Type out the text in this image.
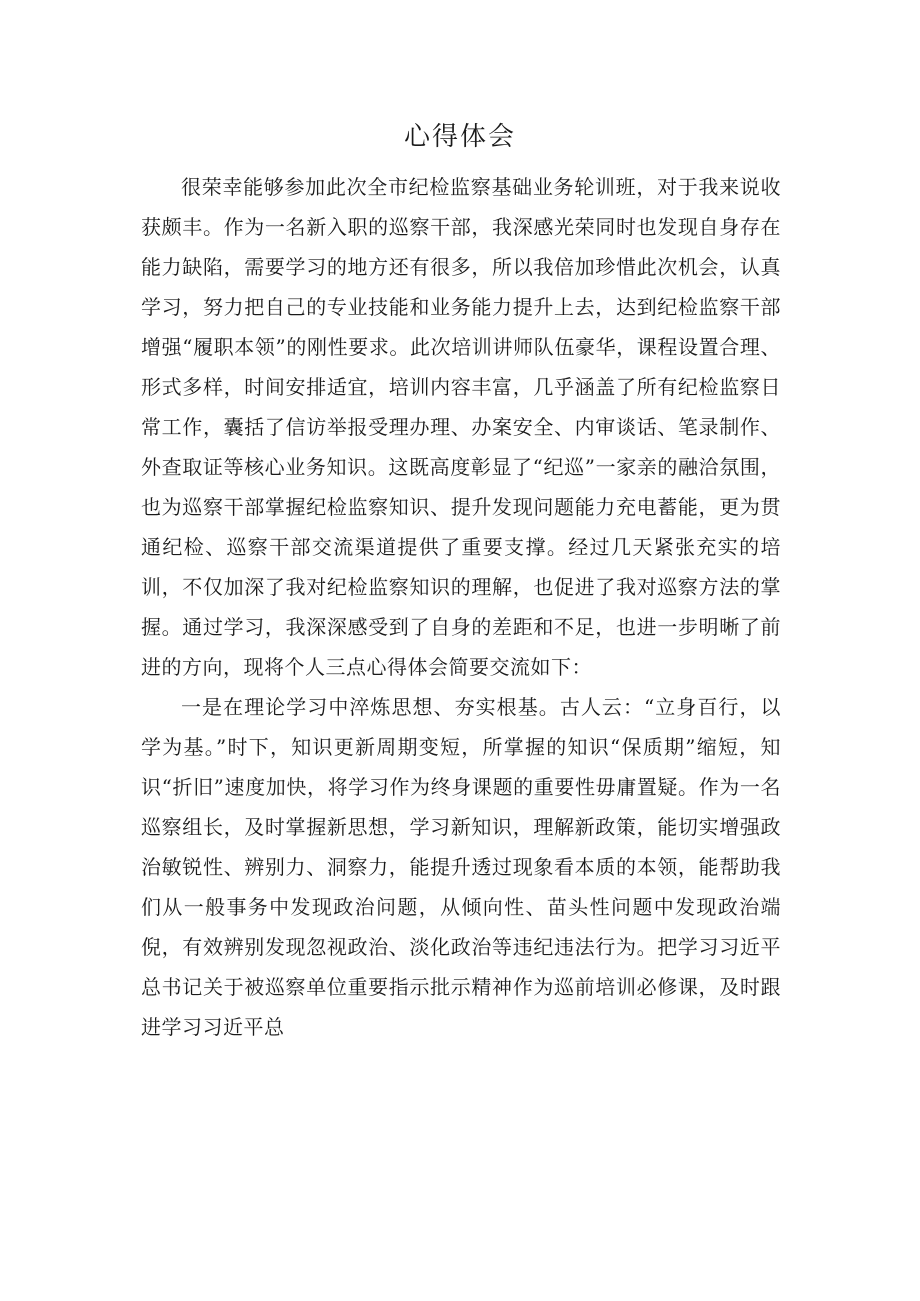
心得体会

很荣幸能够参加此次全市纪检监察基础业务轮训班，对于我来说收获颇丰。作为一名新入职的巡察干部，我深感光荣同时也发现自身存在能力缺陷，需要学习的地方还有很多，所以我倍加珍惜此次机会，认真学习，努力把自己的专业技能和业务能力提升上去，达到纪检监察干部增强“履职本领”的刚性要求。此次培训讲师队伍豪华，课程设置合理、形式多样，时间安排适宜，培训内容丰富，几乎涵盖了所有纪检监察日常工作，囊括了信访举报受理办理、办案安全、内审谈话、笔录制作、外查取证等核心业务知识。这既高度彰显了“纪巡”一家亲的融洽氛围，也为巡察干部掌握纪检监察知识、提升发现问题能力充电蓄能，更为贯通纪检、巡察干部交流渠道提供了重要支撑。经过几天紧张充实的培训，不仅加深了我对纪检监察知识的理解，也促进了我对巡察方法的掌握。通过学习，我深深感受到了自身的差距和不足，也进一步明晰了前进的方向，现将个人三点心得体会简要交流如下：

一是在理论学习中淬炼思想、夯实根基。古人云：“立身百行，以学为基。”时下，知识更新周期变短，所掌握的知识“保质期”缩短，知识“折旧”速度加快，将学习作为终身课题的重要性毋庸置疑。作为一名巡察组长，及时掌握新思想，学习新知识，理解新政策，能切实增强政治敏锐性、辨别力、洞察力，能提升透过现象看本质的本领，能帮助我们从一般事务中发现政治问题，从倾向性、苗头性问题中发现政治端倪，有效辨别发现忽视政治、淡化政治等违纪违法行为。把学习习近平总书记关于被巡察单位重要指示批示精神作为巡前培训必修课，及时跟进学习习近平总
